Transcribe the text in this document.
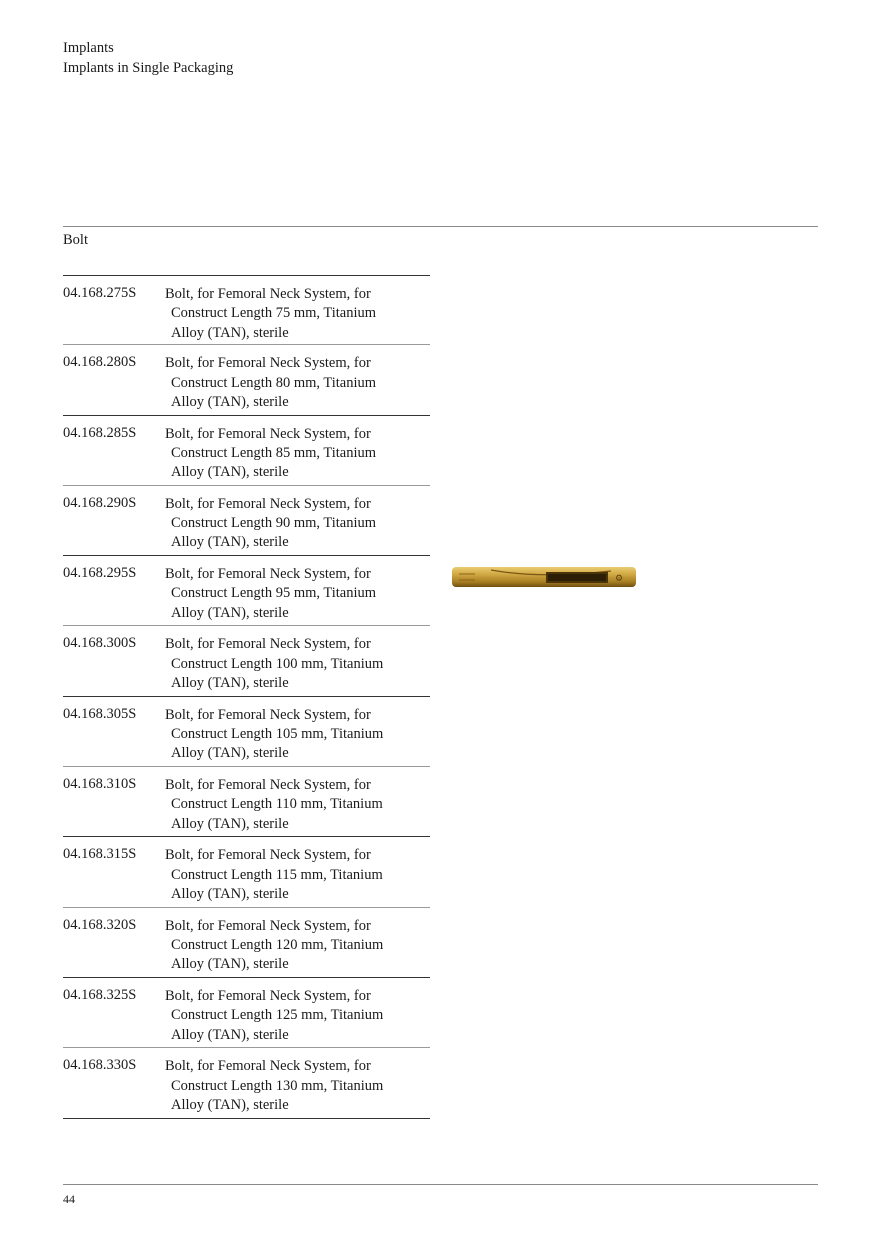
Implants
Implants in Single Packaging
Bolt
04.168.275S Bolt, for Femoral Neck System, for
Construct Length 75 mm, Titanium
Alloy (TAN), sterile
04.168.280S Bolt, for Femoral Neck System, for
Construct Length 80 mm, Titanium
Alloy (TAN), sterile
04.168.285S Bolt, for Femoral Neck System, for
Construct Length 85 mm, Titanium
Alloy (TAN), sterile
04.168.290S Bolt, for Femoral Neck System, for
Construct Length 90 mm, Titanium
Alloy (TAN), sterile
04.168.295S Bolt, for Femoral Neck System, for
Construct Length 95 mm, Titanium
Alloy (TAN), sterile
04.168.300S Bolt, for Femoral Neck System, for
Construct Length 100 mm, Titanium
Alloy (TAN), sterile
04.168.305S Bolt, for Femoral Neck System, for
Construct Length 105 mm, Titanium
Alloy (TAN), sterile
04.168.310S Bolt, for Femoral Neck System, for
Construct Length 110 mm, Titanium
Alloy (TAN), sterile
04.168.315S Bolt, for Femoral Neck System, for
Construct Length 115 mm, Titanium
Alloy (TAN), sterile
04.168.320S Bolt, for Femoral Neck System, for
Construct Length 120 mm, Titanium
Alloy (TAN), sterile
04.168.325S Bolt, for Femoral Neck System, for
Construct Length 125 mm, Titanium
Alloy (TAN), sterile
04.168.330S Bolt, for Femoral Neck System, for
Construct Length 130 mm, Titanium
Alloy (TAN), sterile
⚙
44
